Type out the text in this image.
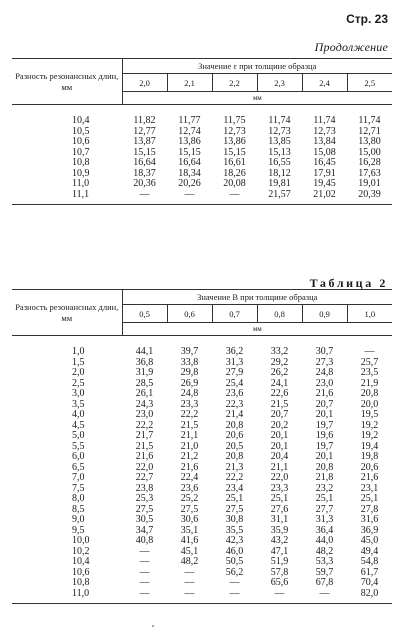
Стр. 23
Продолжение
Разность резонансных длин, мм	Значение ε при толщине образца					
	2,0	2,1	2,2	2,3	2,4	2,5
	мм					

10,4	11,82	11,77	11,75	11,74	11,74	11,74
10,5	12,77	12,74	12,73	12,73	12,73	12,71
10,6	13,87	13,86	13,86	13,85	13,84	13,80
10,7	15,15	15,15	15,15	15,13	15,08	15,00
10,8	16,64	16,64	16,61	16,55	16,45	16,28
10,9	18,37	18,34	18,26	18,12	17,91	17,63
11,0	20,36	20,26	20,08	19,81	19,45	19,01
11,1	—	—	—	21,57	21,02	20,39
Таблица 2
Разность резонансных длин, мм	Значение B при толщине образца					
	0,5	0,6	0,7	0,8	0,9	1,0
	мм					

1,0	44,1	39,7	36,2	33,2	30,7	—
1,5	36,8	33,8	31,3	29,2	27,3	25,7
2,0	31,9	29,8	27,9	26,2	24,8	23,5
2,5	28,5	26,9	25,4	24,1	23,0	21,9
3,0	26,1	24,8	23,6	22,6	21,6	20,8
3,5	24,3	23,3	22,3	21,5	20,7	20,0
4,0	23,0	22,2	21,4	20,7	20,1	19,5
4,5	22,2	21,5	20,8	20,2	19,7	19,2
5,0	21,7	21,1	20,6	20,1	19,6	19,2
5,5	21,5	21,0	20,5	20,1	19,7	19,4
6,0	21,6	21,2	20,8	20,4	20,1	19,8
6,5	22,0	21,6	21,3	21,1	20,8	20,6
7,0	22,7	22,4	22,2	22,0	21,8	21,6
7,5	23,8	23,6	23,4	23,3	23,2	23,1
8,0	25,3	25,2	25,1	25,1	25,1	25,1
8,5	27,5	27,5	27,5	27,6	27,7	27,8
9,0	30,5	30,6	30,8	31,1	31,3	31,6
9,5	34,7	35,1	35,5	35,9	36,4	36,9
10,0	40,8	41,6	42,3	43,2	44,0	45,0
10,2	—	45,1	46,0	47,1	48,2	49,4
10,4	—	48,2	50,5	51,9	53,3	54,8
10,6	—	—	56,2	57,8	59,7	61,7
10,8	—	—	—	65,6	67,8	70,4
11,0	—	—	—	—	—	82,0
